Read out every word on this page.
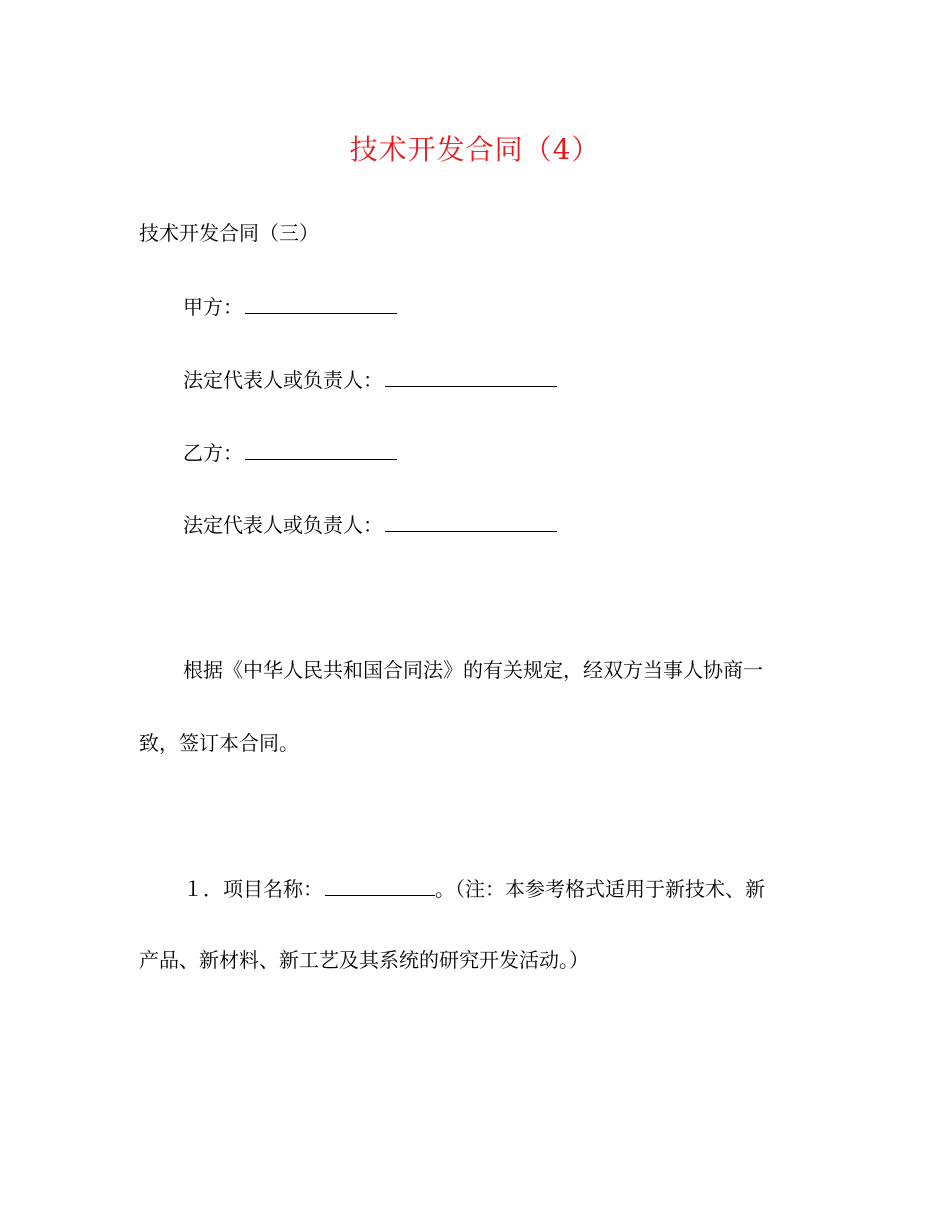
技术开发合同（4）
技术开发合同（三）
甲方：
法定代表人或负责人：
乙方：
法定代表人或负责人：
根据《中华人民共和国合同法》的有关规定，经双方当事人协商一
致，签订本合同。
１．项目名称：	。（注：本参考格式适用于新技术、新
产品、新材料、新工艺及其系统的研究开发活动。）
